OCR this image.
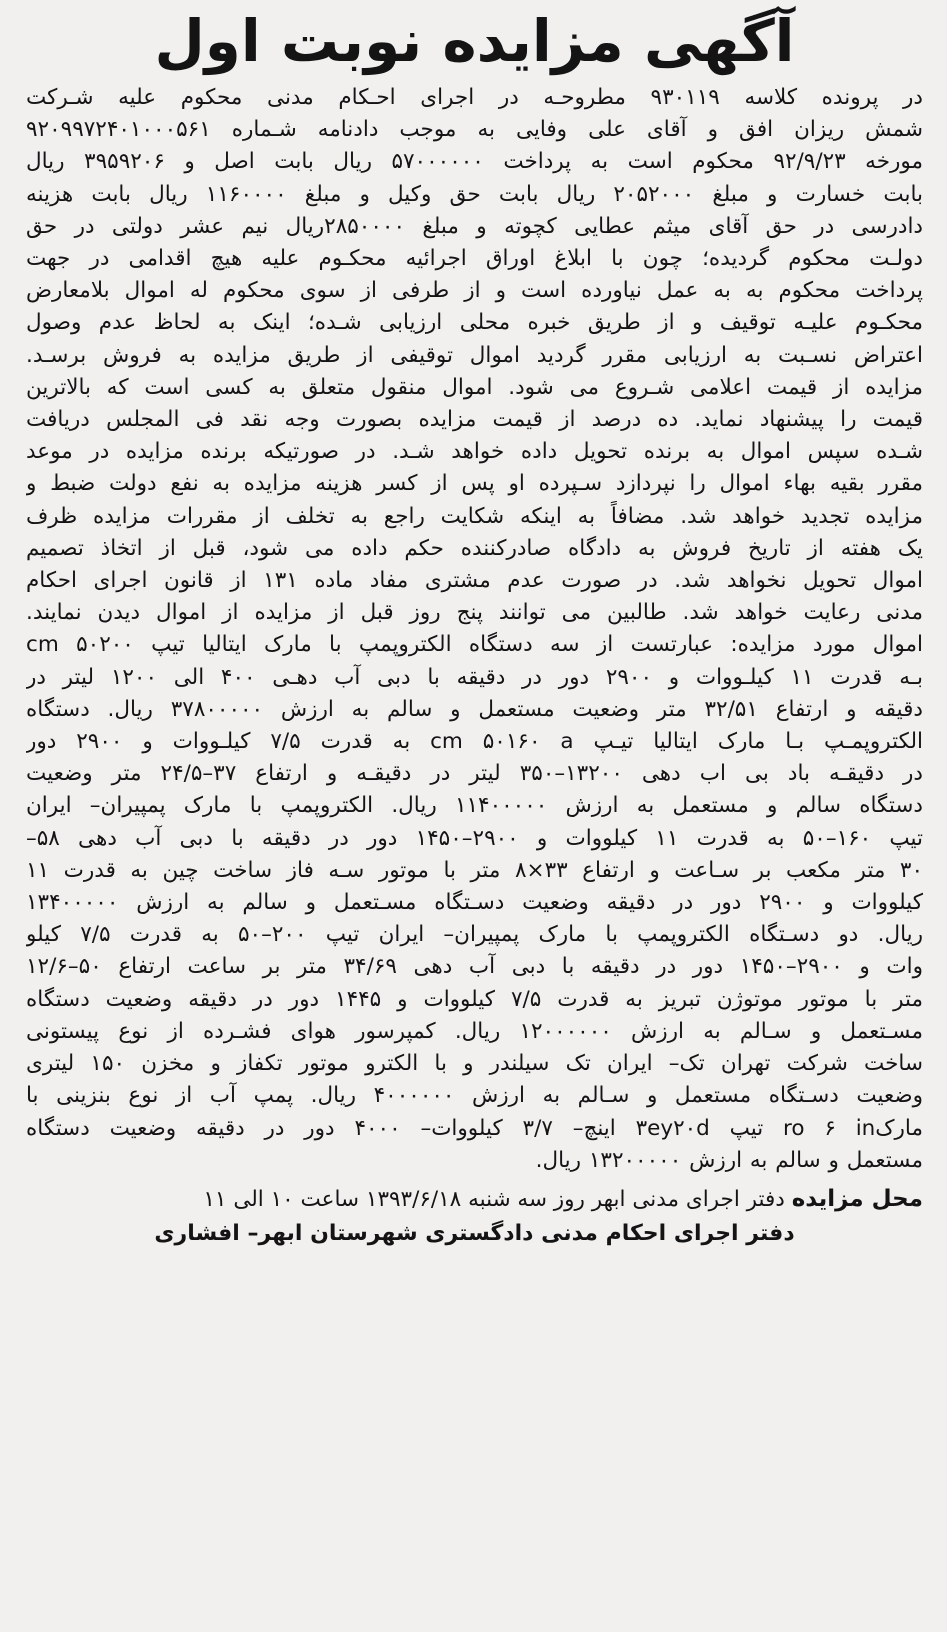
آگهی مزایده نوبت اول
در پرونده کلاسه ۹۳۰۱۱۹ مطروحـه در اجرای احـکام مدنی محکوم علیه شـرکت
شمش ریزان افق و آقای علی وفایی به موجب دادنامه شـماره ۹۲۰۹۹۷۲۴۰۱۰۰۰۵۶۱
مورخه ۹۲/۹/۲۳ محکوم است به پرداخت ۵۷۰۰۰۰۰۰ ریال بابت اصل و ۳۹۵۹۲۰۶ ریال
بابت خسارت و مبلغ ۲۰۵۲۰۰۰ ریال بابت حق وکیل و مبلغ ۱۱۶۰۰۰۰ ریال بابت هزینه
دادرسی در حق آقای میثم عطایی کچوته و مبلغ ۲۸۵۰۰۰۰ریال نیم عشر دولتی در حق
دولـت محکوم گردیده؛ چون با ابلاغ اوراق اجرائیه محکـوم علیه هیچ اقدامی در جهت
پرداخت محکوم به به عمل نیاورده است و از طرفی از سوی محکوم له اموال بلامعارض
محکـوم علیـه توقیف و از طریق خبره محلی ارزیابی شـده؛ اینک به لحاظ عدم وصول
اعتراض نسـبت به ارزیابی مقرر گردید اموال توقیفی از طریق مزایده به فروش برسـد.
مزایده از قیمت اعلامی شـروع می شود. اموال منقول متعلق به کسی است که بالاترین
قیمت را پیشنهاد نماید. ده درصد از قیمت مزایده بصورت وجه نقد فی المجلس دریافت
شـده سپس اموال به برنده تحویل داده خواهد شـد. در صورتیکه برنده مزایده در موعد
مقرر بقیه بهاء اموال را نپردازد سـپرده او پس از کسر هزینه مزایده به نفع دولت ضبط و
مزایده تجدید خواهد شد. مضافاً به اینکه شکایت راجع به تخلف از مقررات مزایده ظرف
یک هفته از تاریخ فروش به دادگاه صادرکننده حکم داده می شود، قبل از اتخاذ تصمیم
اموال تحویل نخواهد شد. در صورت عدم مشتری مفاد ماده ۱۳۱ از قانون اجرای احکام
مدنی رعایت خواهد شد. طالبین می توانند پنج روز قبل از مزایده از اموال دیدن نمایند.
اموال مورد مزایده: عبارتست از سه دستگاه الکتروپمپ با مارک ایتالیا تیپ cm ۵۰۲۰۰
بـه قدرت ۱۱ کیلـووات و ۲۹۰۰ دور در دقیقه با دبی آب دهـی ۴۰۰ الی ۱۲۰۰ لیتر در
دقیقه و ارتفاع ۳۲/۵۱ متر وضعیت مستعمل و سالم به ارزش ۳۷۸۰۰۰۰۰ ریال. دستگاه
الکتروپمـپ بـا مارک ایتالیا تیـپ cm ۵۰۱۶۰ a به قدرت ۷/۵ کیلـووات و ۲۹۰۰ دور
در دقیقـه باد بی اب دهی ۱۳۲۰۰–۳۵۰ لیتر در دقیقـه و ارتفاع ۳۷–۲۴/۵ متر وضعیت
دستگاه سالم و مستعمل به ارزش ۱۱۴۰۰۰۰۰ ریال. الکتروپمپ با مارک پمپیران– ایران
تیپ ۱۶۰–۵۰ به قدرت ۱۱ کیلووات و ۲۹۰۰–۱۴۵۰ دور در دقیقه با دبی آب دهی ۵۸–
۳۰ متر مکعب بر سـاعت و ارتفاع ۳۳×۸ متر با موتور سـه فاز ساخت چین به قدرت ۱۱
کیلووات و ۲۹۰۰ دور در دقیقه وضعیت دسـتگاه مسـتعمل و سالم به ارزش ۱۳۴۰۰۰۰۰
ریال. دو دسـتگاه الکتروپمپ با مارک پمپیران– ایران تیپ ۲۰۰–۵۰ به قدرت ۷/۵ کیلو
وات و ۲۹۰۰–۱۴۵۰ دور در دقیقه با دبی آب دهی ۳۴/۶۹ متر بر ساعت ارتفاع ۵۰–۱۲/۶
متر با موتور موتوژن تبریز به قدرت ۷/۵ کیلووات و ۱۴۴۵ دور در دقیقه وضعیت دستگاه
مسـتعمل و سـالم به ارزش ۱۲۰۰۰۰۰۰ ریال. کمپرسور هوای فشـرده از نوع پیستونی
ساخت شرکت تهران تک– ایران تک سیلندر و با الکترو موتور تکفاز و مخزن ۱۵۰ لیتری
وضعیت دسـتگاه مستعمل و سـالم به ارزش ۴۰۰۰۰۰۰ ریال. پمپ آب از نوع بنزینی با
مارکro ۶ in تیپ ۳ey۲۰d اینچ– ۳/۷ کیلووات– ۴۰۰۰ دور در دقیقه وضعیت دستگاه
مستعمل و سالم به ارزش ۱۳۲۰۰۰۰۰ ریال.
محل مزایده دفتر اجرای مدنی ابهر روز سه شنبه ۱۳۹۳/۶/۱۸ ساعت ۱۰ الی ۱۱
دفتر اجرای احکام مدنی دادگستری شهرستان ابهر– افشاری
